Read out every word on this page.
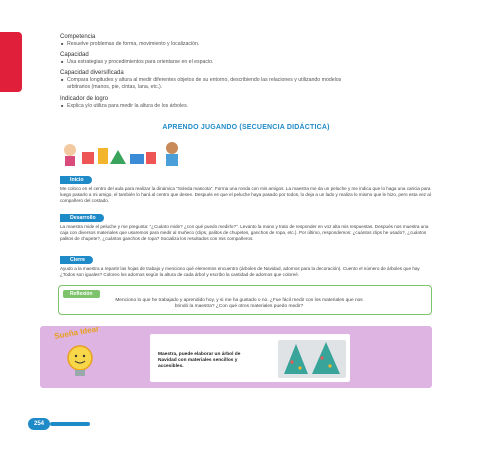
Competencia
■ Resuelve problemas de forma, movimiento y localización.
Capacidad
■ Usa estrategias y procedimientos para orientarse en el espacio.
Capacidad diversificada
■ Compara longitudes y altura al medir diferentes objetos de su entorno, describiendo las relaciones y utilizando modelos arbitrarios (manos, pie, cintas, lana, etc.).
Indicador de logro
■ Explica y/o utiliza para medir la altura de los árboles.
APRENDO JUGANDO (SECUENCIA DIDÁCTICA)
Inicio
Me coloco en el centro del aula para realizar la dinámica "Soleda mascota". Forma una ronda con mis amigos. La maestra me da un peluche y me indica que lo haga una caricia para luego pasarlo a mi amigo, el también lo hará al centro que desee. Después es que el peluche haya pasado por todos, lo deja a un lado y realiza lo mismo que le hizo, pero esta vez al compañero del costado.
Desarrollo
La maestra mide el peluche y me pregunta: "¿Cuánto mide? ¿con qué puedo medirlo?". Levanto la mano y trato de responder en voz alta mis respuestas. Después nos muestra una caja con diversos materiales que usaremos para medir al muñeco (clips, palitos de chupetes, ganchos de ropa, etc.). Por último, respondemos: ¿cuántos clips he usado?, ¿cuántos palitos de chupete?, ¿cuántos ganchos de ropa? Socializa los resultados con mis compañeros.
Cierre
Ayudo a la maestra a repartir las hojas de trabajo y menciono qué elementos encuentro (árboles de Navidad, adornos para la decoración). Cuento el número de árboles que hay ¿Todos son iguales? Coloreo los adornos según la altura de cada árbol y escribo la cantidad de adornos que coloreé.
Reflexión
Menciono lo que he trabajado y aprendido hoy, y si me ha gustado o no. ¿Fue fácil medir con los materiales que nos brindó la maestra? ¿Con qué otros materiales puedo medir?
Sueña Idear
Maestra, puede elaborar un árbol de Navidad con materiales sencillos y accesibles.
254
